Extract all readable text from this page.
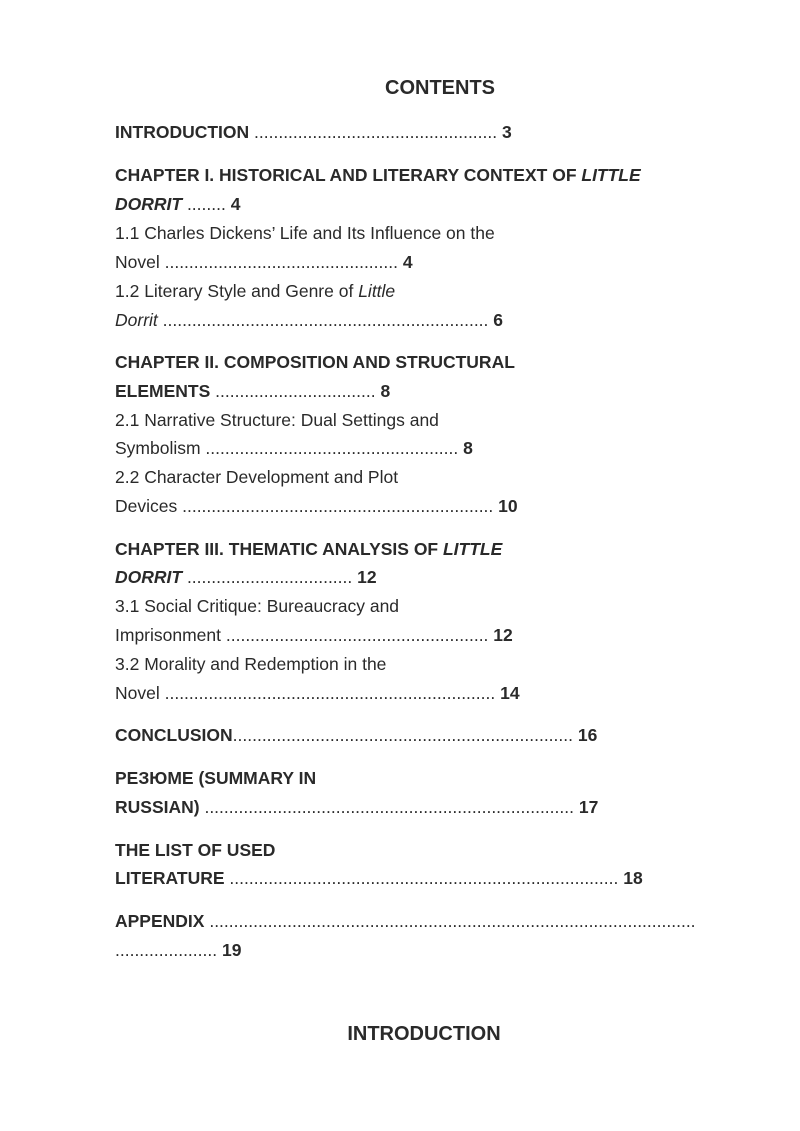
CONTENTS
INTRODUCTION .................................................. 3
CHAPTER I. HISTORICAL AND LITERARY CONTEXT OF LITTLE
DORRIT ........ 4
1.1 Charles Dickens’ Life and Its Influence on the
Novel ................................................ 4
1.2 Literary Style and Genre of Little
Dorrit ................................................................... 6
CHAPTER II. COMPOSITION AND STRUCTURAL
ELEMENTS ................................. 8
2.1 Narrative Structure: Dual Settings and
Symbolism .................................................... 8
2.2 Character Development and Plot
Devices ................................................................ 10
CHAPTER III. THEMATIC ANALYSIS OF LITTLE
DORRIT .................................. 12
3.1 Social Critique: Bureaucracy and
Imprisonment ...................................................... 12
3.2 Morality and Redemption in the
Novel .................................................................... 14
CONCLUSION...................................................................... 16
РЕЗЮМЕ (SUMMARY IN
RUSSIAN) ............................................................................ 17
THE LIST OF USED
LITERATURE ................................................................................ 18
APPENDIX ....................................................................................................
..................... 19
INTRODUCTION
